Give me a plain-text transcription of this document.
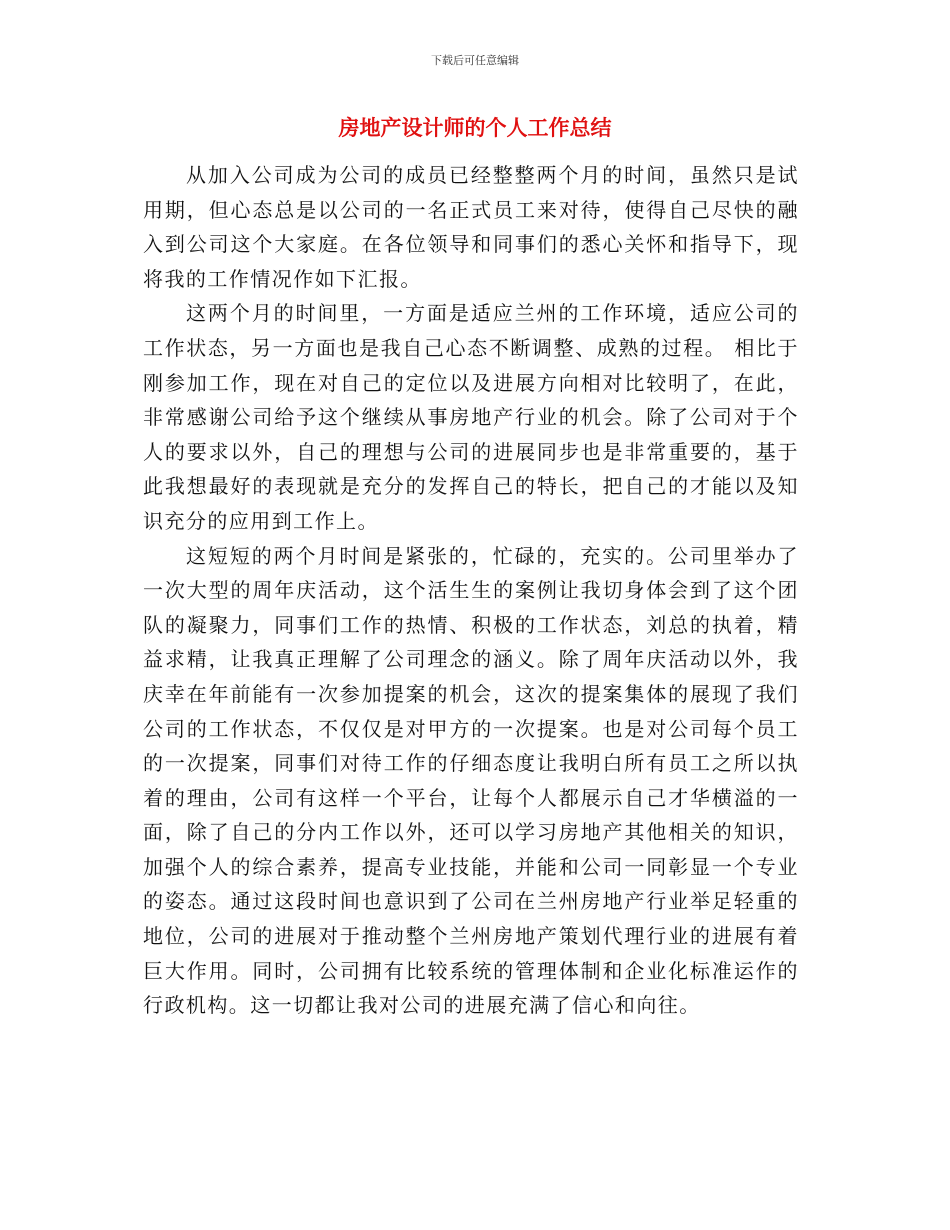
下载后可任意编辑
房地产设计师的个人工作总结

从加入公司成为公司的成员已经整整两个月的时间，虽然只是试用期，但心态总是以公司的一名正式员工来对待，使得自己尽快的融入到公司这个大家庭。在各位领导和同事们的悉心关怀和指导下，现将我的工作情况作如下汇报。

这两个月的时间里，一方面是适应兰州的工作环境，适应公司的工作状态，另一方面也是我自己心态不断调整、成熟的过程。 相比于刚参加工作，现在对自己的定位以及进展方向相对比较明了，在此，非常感谢公司给予这个继续从事房地产行业的机会。除了公司对于个人的要求以外，自己的理想与公司的进展同步也是非常重要的，基于此我想最好的表现就是充分的发挥自己的特长，把自己的才能以及知识充分的应用到工作上。

这短短的两个月时间是紧张的，忙碌的，充实的。公司里举办了一次大型的周年庆活动，这个活生生的案例让我切身体会到了这个团队的凝聚力，同事们工作的热情、积极的工作状态，刘总的执着，精益求精，让我真正理解了公司理念的涵义。除了周年庆活动以外，我庆幸在年前能有一次参加提案的机会，这次的提案集体的展现了我们公司的工作状态，不仅仅是对甲方的一次提案。也是对公司每个员工的一次提案，同事们对待工作的仔细态度让我明白所有员工之所以执着的理由，公司有这样一个平台，让每个人都展示自己才华横溢的一面，除了自己的分内工作以外，还可以学习房地产其他相关的知识，加强个人的综合素养，提高专业技能，并能和公司一同彰显一个专业的姿态。通过这段时间也意识到了公司在兰州房地产行业举足轻重的地位，公司的进展对于推动整个兰州房地产策划代理行业的进展有着巨大作用。同时，公司拥有比较系统的管理体制和企业化标准运作的行政机构。这一切都让我对公司的进展充满了信心和向往。
